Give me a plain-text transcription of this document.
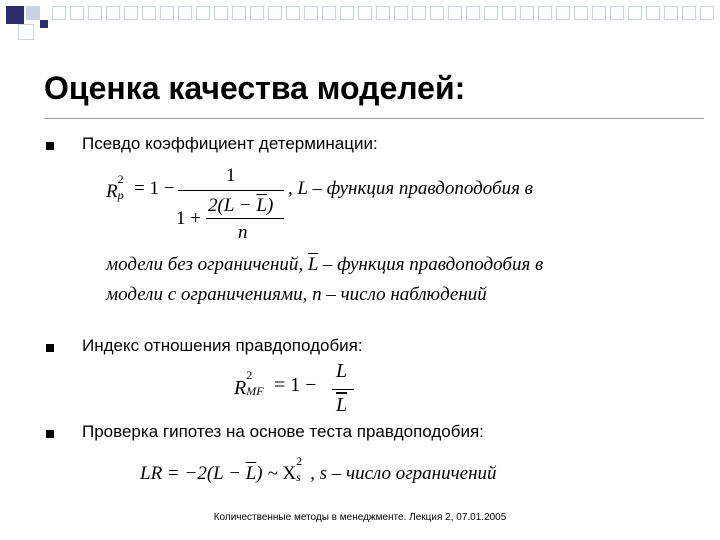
Оценка качества моделей:
Псевдо коэффициент детерминации:
R
2
p = 1 −
1
1 +
$2(L - \overline{L})$
n
, L – функция правдоподобия в
модели без ограничений, $\overline{L}$ – функция правдоподобия в
модели с ограничениями, n – число наблюдений
Индекс отношения правдоподобия:
R
2
MF = 1 −
L
$\overline{L}$
Проверка гипотез на основе теста правдоподобия:
LR = $-2(L - \overline{L})$ ~ Χ
2
s , s – число ограничений
Количественные методы в менеджменте. Лекция 2, 07.01.2005
